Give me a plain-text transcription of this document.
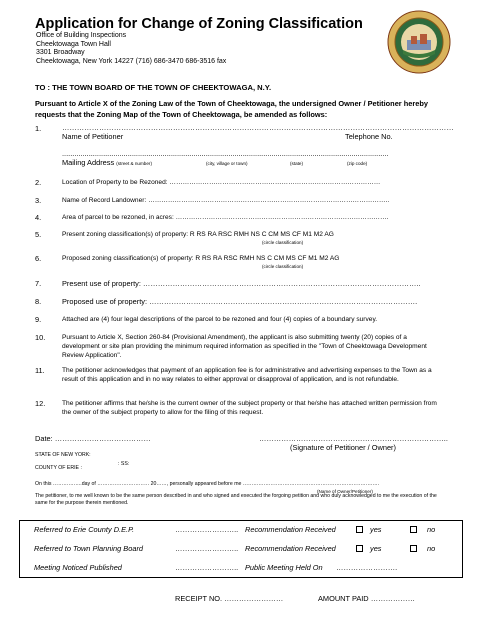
Application for Change of Zoning Classification
Office of Building Inspections
Cheektowaga Town Hall
3301 Broadway
Cheektowaga, New York 14227 (716) 686-3470 686-3516 fax
TO : THE TOWN BOARD OF THE TOWN OF CHEEKTOWAGA, N.Y.
Pursuant to Article X of the Zoning Law of the Town of Cheektowaga, the undersigned Owner / Petitioner hereby requests that the Zoning Map of the Town of Cheektowaga, be amended as follows:
1.	……………………………………………………………………………………………………………………………………………
Name of Petitioner	Telephone No.
...............................................................................................................................................................
Mailing Address (street & number)	(city, village or town)	(state)	(zip code)
2.	Location of Property to be Rezoned: ……………………………………………………………………………………
3.	Name of Record Landowner: ………………………………………………………………………………………………..
4.	Area of parcel to be rezoned, in acres: …………………………………………………………………………………….
5.	Present zoning classification(s) of property: R RS RA RSC RMH NS C CM MS CF M1 M2 AG
(circle classification)
6.	Proposed zoning classification(s) of property: R RS RA RSC RMH NS C CM MS CF M1 M2 AG
(circle classification)
7.	Present use of property: …………………………………………………………………………………………………..
8.	Proposed use of property: ……………………………………………………………………………………………….
9.	Attached are (4) four legal descriptions of the parcel to be rezoned and four (4) copies of a boundary survey.
10.	Pursuant to Article X, Section 260-84 (Provisional Amendment), the applicant is also submitting twenty (20) copies of a development or site plan providing the minimum required information as specified in the "Town of Cheektowaga Development Review Application".
11.	The petitioner acknowledges that payment of an application fee is for administrative and advertising expenses to the Town as a result of this application and in no way relates to either approval or disapproval of application, and is not refundable.
12.	The petitioner affirms that he/she is the current owner of the subject property or that he/she has attached written permission from the owner of the subject property to allow for the filing of this request.
Date: …………………………………	…………………………………………………………………..
(Signature of Petitioner / Owner)
STATE OF NEW YORK:
: SS:
COUNTY OF ERIE :
On this ……………..day of ………………………… 20……, personally appeared before me …………………………………………………………………….
(Name of Owner/Petitioner)
The petitioner, to me well known to be the same person described in and who signed and executed the forgoing petition and who duly acknowledged to me the execution of the same for the purpose therein mentioned.
Referred to Erie County D.E.P.	…………………….. Recommendation Received	yes	no
Referred to Town Planning Board	…………………….. Recommendation Received	yes	no
Meeting Noticed Published	…………………….. Public Meeting Held On …………………….
RECEIPT NO. ……………………	AMOUNT PAID ………………
